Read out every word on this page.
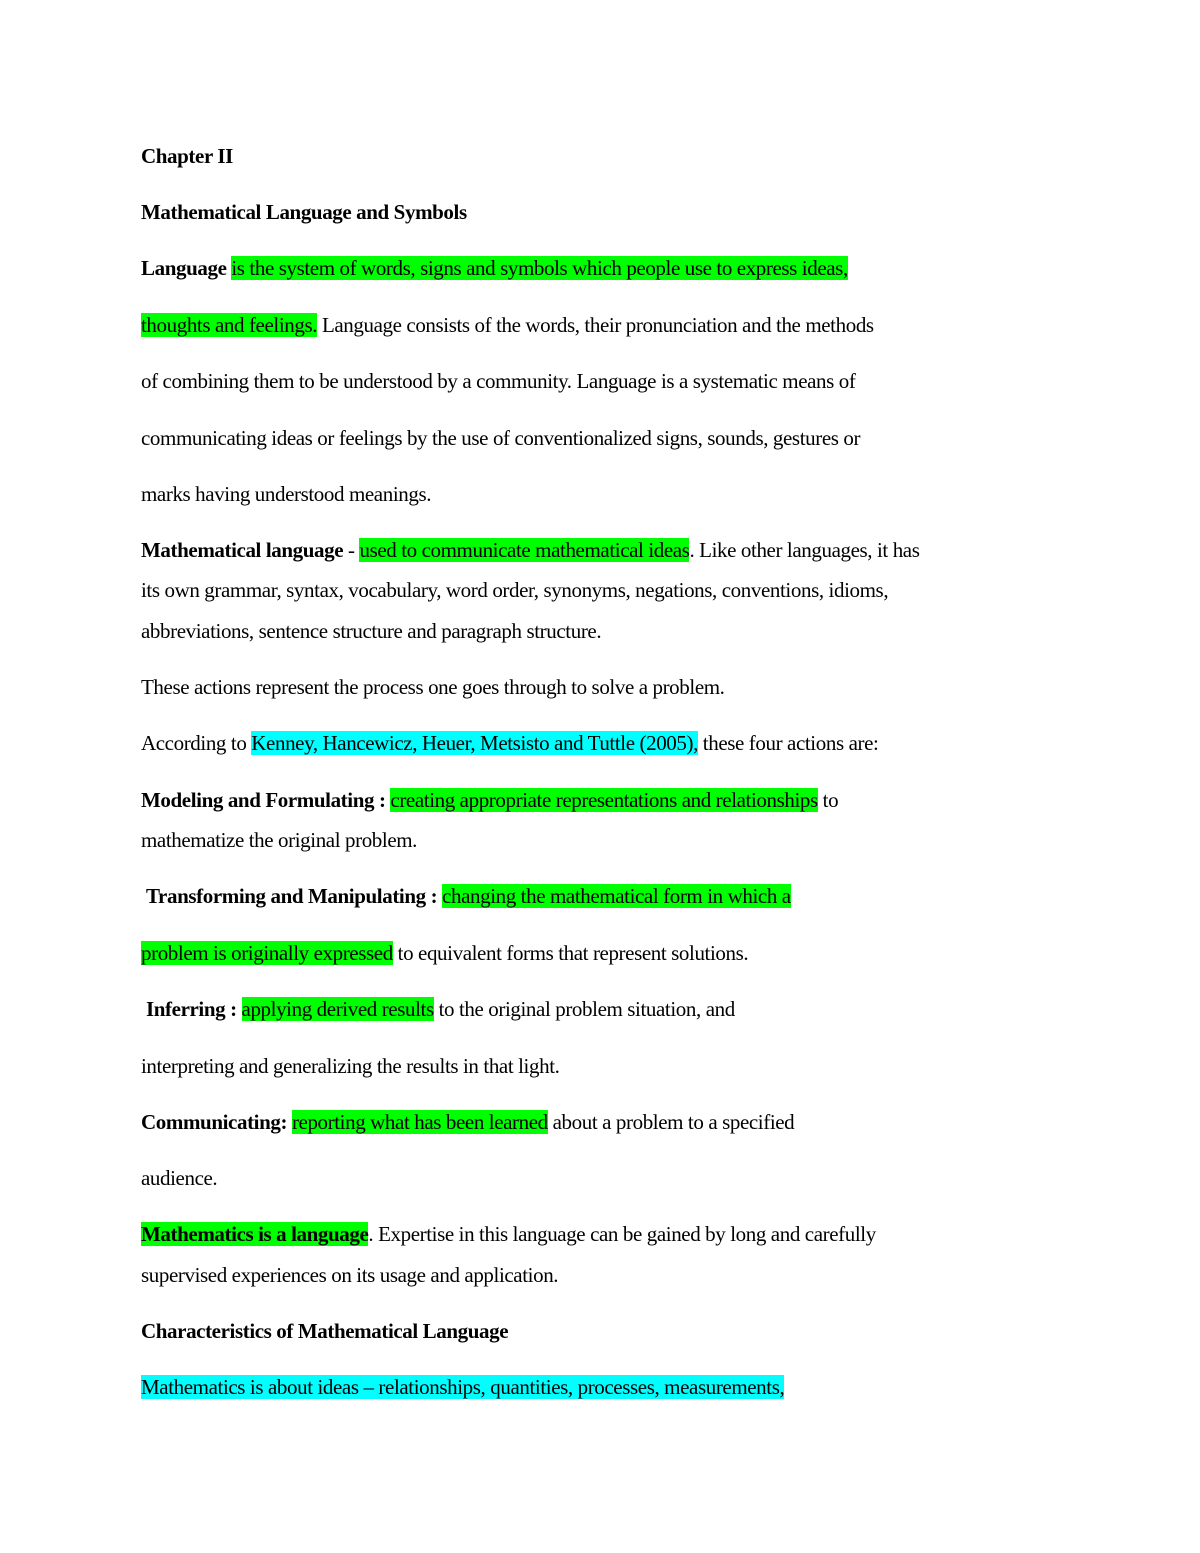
Chapter II
Mathematical Language and Symbols
Language is the system of words, signs and symbols which people use to express ideas,
thoughts and feelings. Language consists of the words, their pronunciation and the methods
of combining them to be understood by a community. Language is a systematic means of
communicating ideas or feelings by the use of conventionalized signs, sounds, gestures or
marks having understood meanings.
Mathematical language - used to communicate mathematical ideas. Like other languages, it has
its own grammar, syntax, vocabulary, word order, synonyms, negations, conventions, idioms,
abbreviations, sentence structure and paragraph structure.
These actions represent the process one goes through to solve a problem.
According to Kenney, Hancewicz, Heuer, Metsisto and Tuttle (2005), these four actions are:
Modeling and Formulating : creating appropriate representations and relationships to
mathematize the original problem.
Transforming and Manipulating : changing the mathematical form in which a
problem is originally expressed to equivalent forms that represent solutions.
Inferring : applying derived results to the original problem situation, and
interpreting and generalizing the results in that light.
Communicating: reporting what has been learned about a problem to a specified
audience.
Mathematics is a language. Expertise in this language can be gained by long and carefully
supervised experiences on its usage and application.
Characteristics of Mathematical Language
Mathematics is about ideas – relationships, quantities, processes, measurements,
